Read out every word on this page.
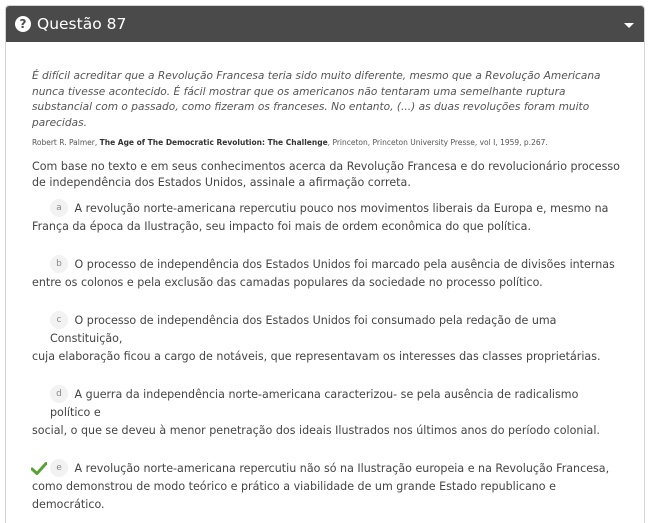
? Questão 87

É difícil acreditar que a Revolução Francesa teria sido muito diferente, mesmo que a Revolução Americana nunca tivesse acontecido. É fácil mostrar que os americanos não tentaram uma semelhante ruptura substancial com o passado, como fizeram os franceses. No entanto, (...) as duas revoluções foram muito parecidas.

Robert R. Palmer, The Age of The Democratic Revolution: The Challenge, Princeton, Princeton University Presse, vol I, 1959, p.267.

Com base no texto e em seus conhecimentos acerca da Revolução Francesa e do revolucionário processo de independência dos Estados Unidos, assinale a afirmação correta.

a A revolução norte-americana repercutiu pouco nos movimentos liberais da Europa e, mesmo na
França da época da Ilustração, seu impacto foi mais de ordem econômica do que política.
b O processo de independência dos Estados Unidos foi marcado pela ausência de divisões internas
entre os colonos e pela exclusão das camadas populares da sociedade no processo político.
c O processo de independência dos Estados Unidos foi consumado pela redação de uma Constituição,
cuja elaboração ficou a cargo de notáveis, que representavam os interesses das classes proprietárias.
d A guerra da independência norte-americana caracterizou- se pela ausência de radicalismo político e
social, o que se deveu à menor penetração dos ideais Ilustrados nos últimos anos do período colonial.
e A revolução norte-americana repercutiu não só na Ilustração europeia e na Revolução Francesa,
como demonstrou de modo teórico e prático a viabilidade de um grande Estado republicano e
democrático.
